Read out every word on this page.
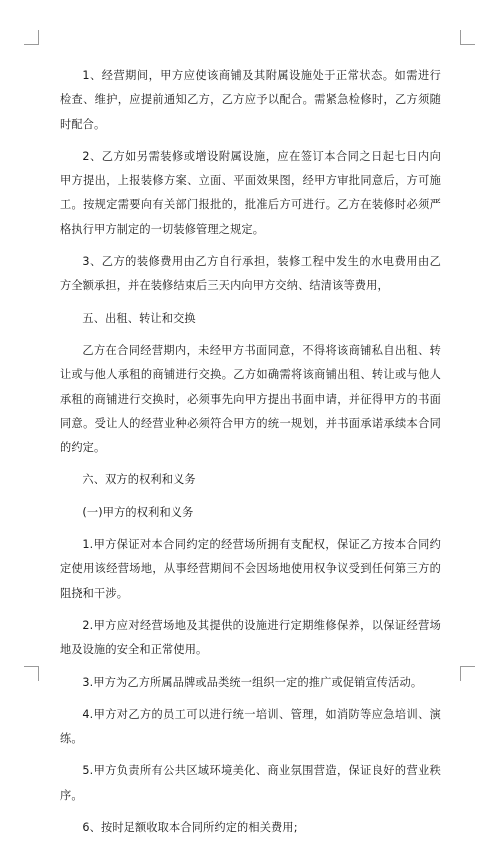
1、经营期间，甲方应使该商铺及其附属设施处于正常状态。如需进行检查、维护，应提前通知乙方，乙方应予以配合。需紧急检修时，乙方须随时配合。

2、乙方如另需装修或增设附属设施，应在签订本合同之日起七日内向甲方提出，上报装修方案、立面、平面效果图，经甲方审批同意后，方可施工。按规定需要向有关部门报批的，批准后方可进行。乙方在装修时必须严格执行甲方制定的一切装修管理之规定。

3、乙方的装修费用由乙方自行承担，装修工程中发生的水电费用由乙方全额承担，并在装修结束后三天内向甲方交纳、结清该等费用，

五、出租、转让和交换

乙方在合同经营期内，未经甲方书面同意，不得将该商铺私自出租、转让或与他人承租的商铺进行交换。乙方如确需将该商铺出租、转让或与他人承租的商铺进行交换时，必须事先向甲方提出书面申请，并征得甲方的书面同意。受让人的经营业种必须符合甲方的统一规划，并书面承诺承续本合同的约定。

六、双方的权利和义务

(一)甲方的权利和义务

1.甲方保证对本合同约定的经营场所拥有支配权，保证乙方按本合同约定使用该经营场地，从事经营期间不会因场地使用权争议受到任何第三方的阻挠和干涉。

2.甲方应对经营场地及其提供的设施进行定期维修保养，以保证经营场地及设施的安全和正常使用。

3.甲方为乙方所属品牌或品类统一组织一定的推广或促销宣传活动。

4.甲方对乙方的员工可以进行统一培训、管理，如消防等应急培训、演练。

5.甲方负责所有公共区域环境美化、商业氛围营造，保证良好的营业秩序。

6、按时足额收取本合同所约定的相关费用;
